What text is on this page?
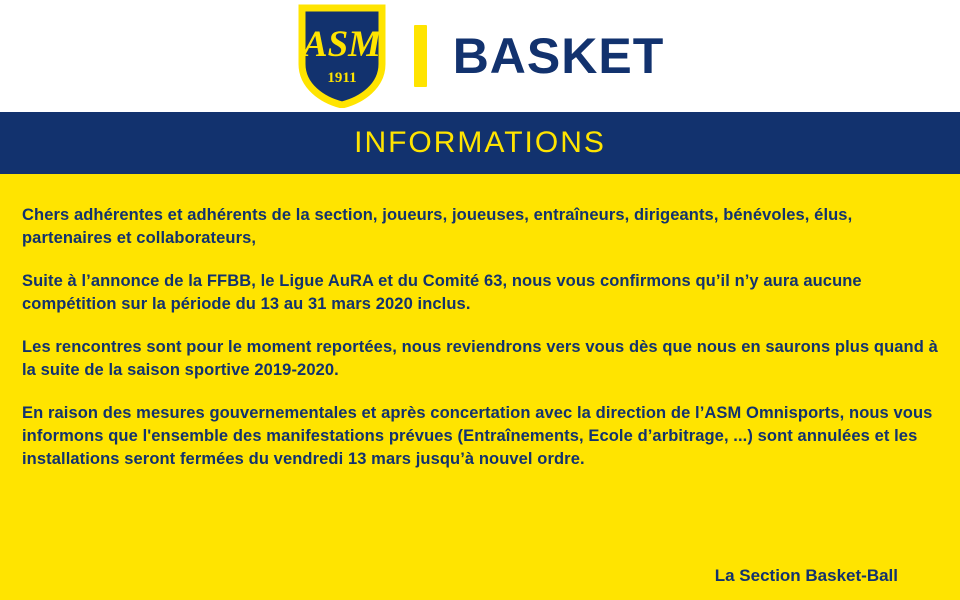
ASM
1911 BASKET
INFORMATIONS

Chers adhérentes et adhérents de la section, joueurs, joueuses, entraîneurs, dirigeants, bénévoles, élus, partenaires et collaborateurs,

Suite à l’annonce de la FFBB, le Ligue AuRA et du Comité 63, nous vous confirmons qu’il n’y aura aucune compétition sur la période du 13 au 31 mars 2020 inclus.

Les rencontres sont pour le moment reportées, nous reviendrons vers vous dès que nous en saurons plus quand à la suite de la saison sportive 2019-2020.

En raison des mesures gouvernementales et après concertation avec la direction de l’ASM Omnisports, nous vous informons que l'ensemble des manifestations prévues (Entraînements, Ecole d’arbitrage, ...) sont annulées et les installations seront fermées du vendredi 13 mars jusqu’à nouvel ordre.

La Section Basket-Ball
